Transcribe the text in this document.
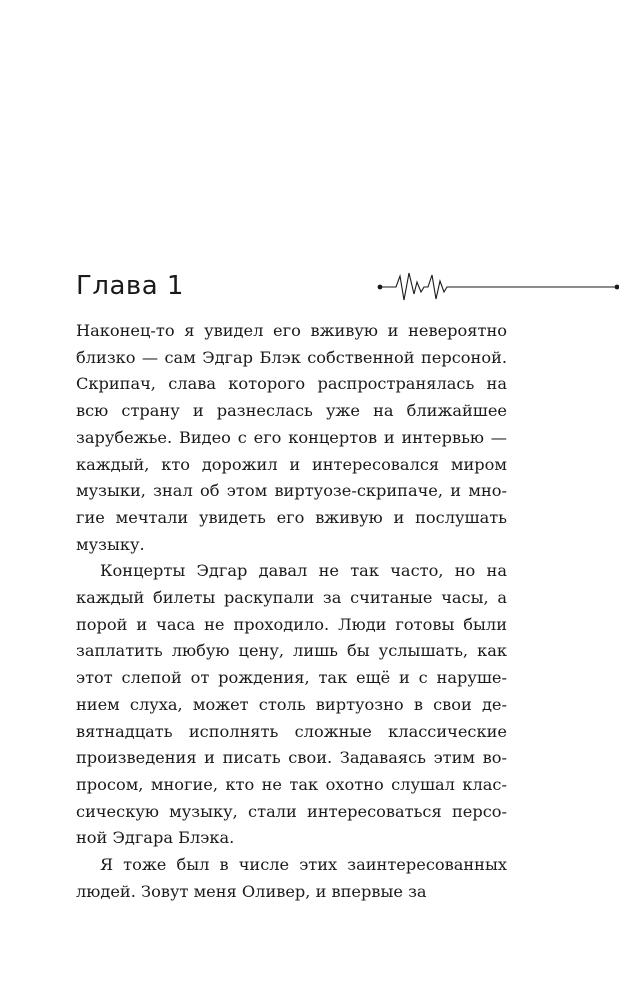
Глава 1

Наконец-то я увидел его вживую и невероятно близко — сам Эдгар Блэк собственной персоной. Скрипач, слава которого распространялась на всю страну и разнеслась уже на ближайшее зарубежье. Видео с его концертов и интервью — каждый, кто дорожил и интересовался миром музыки, знал об этом виртуозе-скрипаче, и многие мечтали увидеть его вживую и послушать музыку.

Концерты Эдгар давал не так часто, но на каждый билеты раскупали за считаные часы, а порой и часа не проходило. Люди готовы были заплатить любую цену, лишь бы услышать, как этот слепой от рождения, так ещё и с нарушением слуха, может столь виртуозно в свои девятнадцать исполнять сложные классические произведения и писать свои. Задаваясь этим вопросом, многие, кто не так охотно слушал классическую музыку, стали интересоваться персоной Эдгара Блэка.

Я тоже был в числе этих заинтересованных людей. Зовут меня Оливер, и впервые за
